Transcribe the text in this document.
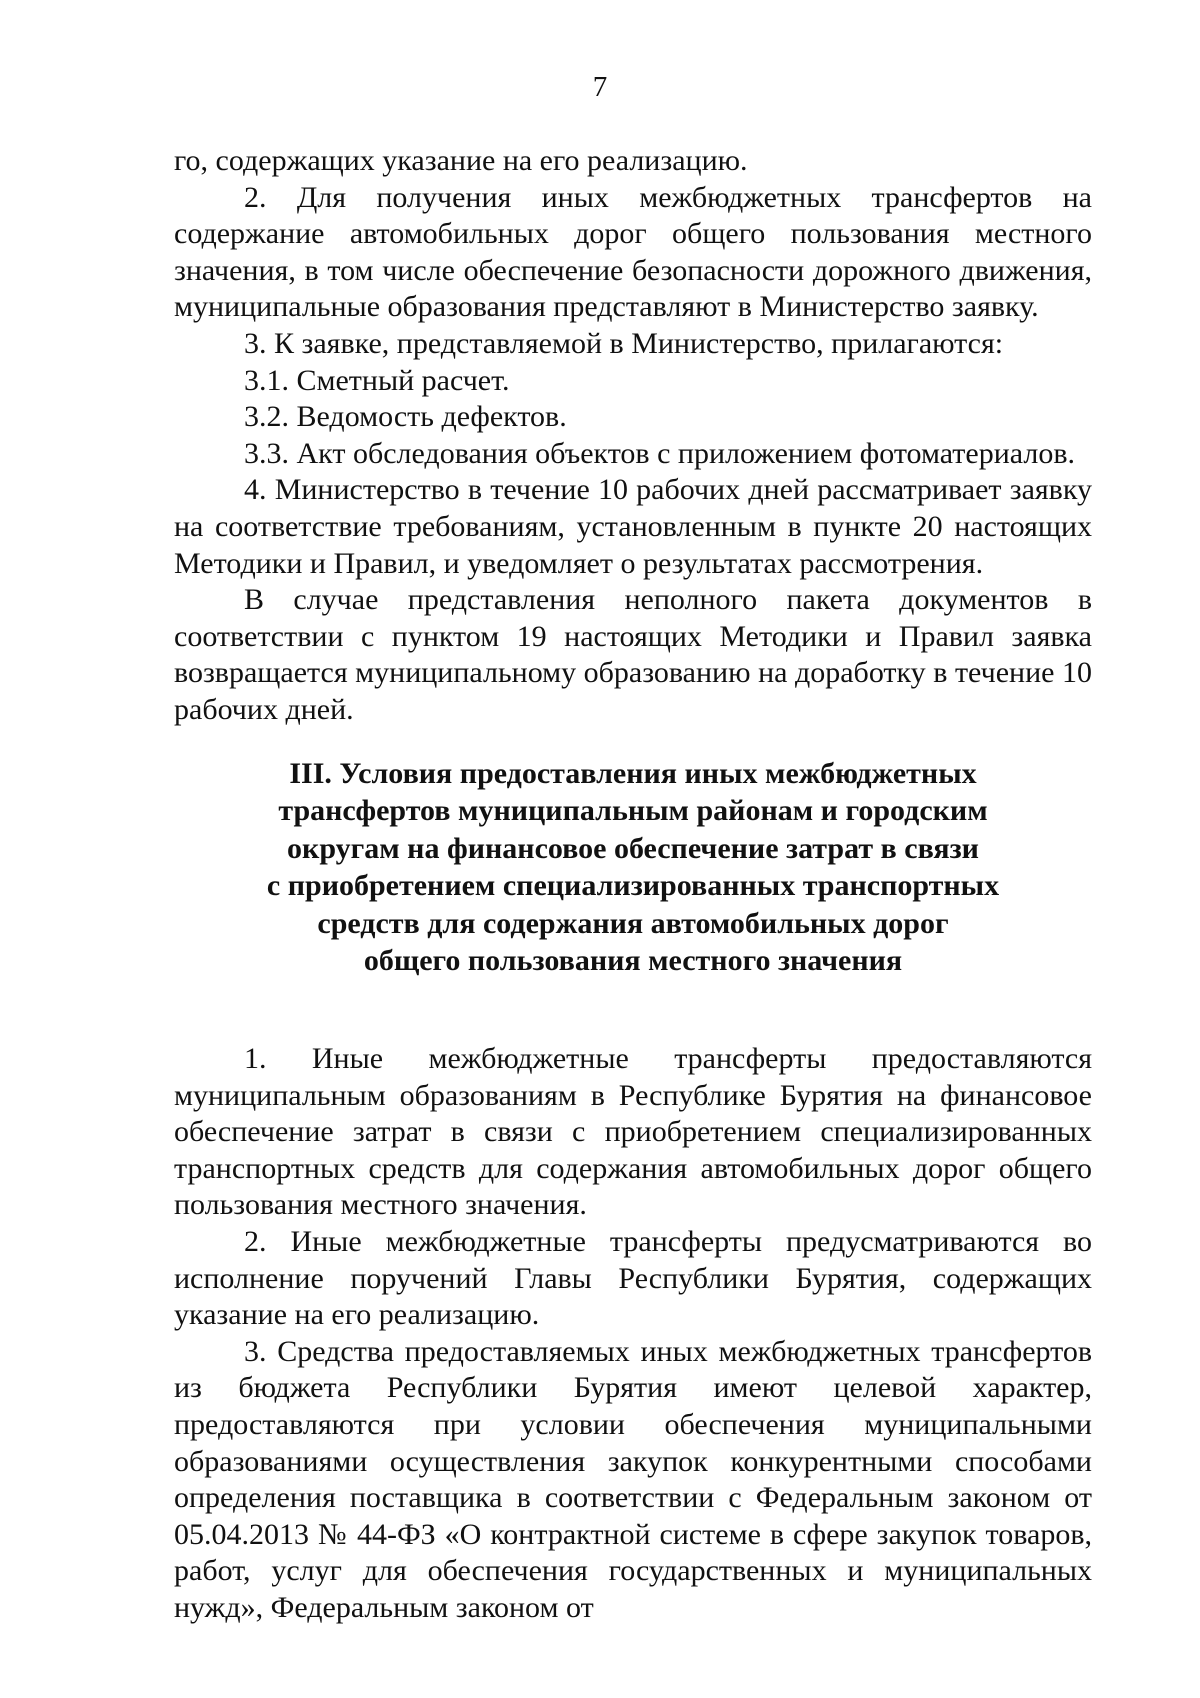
7

го, содержащих указание на его реализацию.

2. Для получения иных межбюджетных трансфертов на содержание автомобильных дорог общего пользования местного значения, в том числе обеспечение безопасности дорожного движения, муниципальные образования представляют в Министерство заявку.

3. К заявке, представляемой в Министерство, прилагаются:

3.1. Сметный расчет.

3.2. Ведомость дефектов.

3.3. Акт обследования объектов с приложением фотоматериалов.

4. Министерство в течение 10 рабочих дней рассматривает заявку на соответствие требованиям, установленным в пункте 20 настоящих Методики и Правил, и уведомляет о результатах рассмотрения.

В случае представления неполного пакета документов в соответствии с пунктом 19 настоящих Методики и Правил заявка возвращается муниципальному образованию на доработку в течение 10 рабочих дней.

III. Условия предоставления иных межбюджетных
трансфертов муниципальным районам и городским
округам на финансовое обеспечение затрат в связи
с приобретением специализированных транспортных
средств для содержания автомобильных дорог
общего пользования местного значения

1. Иные межбюджетные трансферты предоставляются муниципальным образованиям в Республике Бурятия на финансовое обеспечение затрат в связи с приобретением специализированных транспортных средств для содержания автомобильных дорог общего пользования местного значения.

2. Иные межбюджетные трансферты предусматриваются во исполнение поручений Главы Республики Бурятия, содержащих указание на его реализацию.

3. Средства предоставляемых иных межбюджетных трансфертов из бюджета Республики Бурятия имеют целевой характер, предоставляются при условии обеспечения муниципальными образованиями осуществления закупок конкурентными способами определения поставщика в соответствии с Федеральным законом от 05.04.2013 № 44-ФЗ «О контрактной системе в сфере закупок товаров, работ, услуг для обеспечения государственных и муниципальных нужд», Федеральным законом от
